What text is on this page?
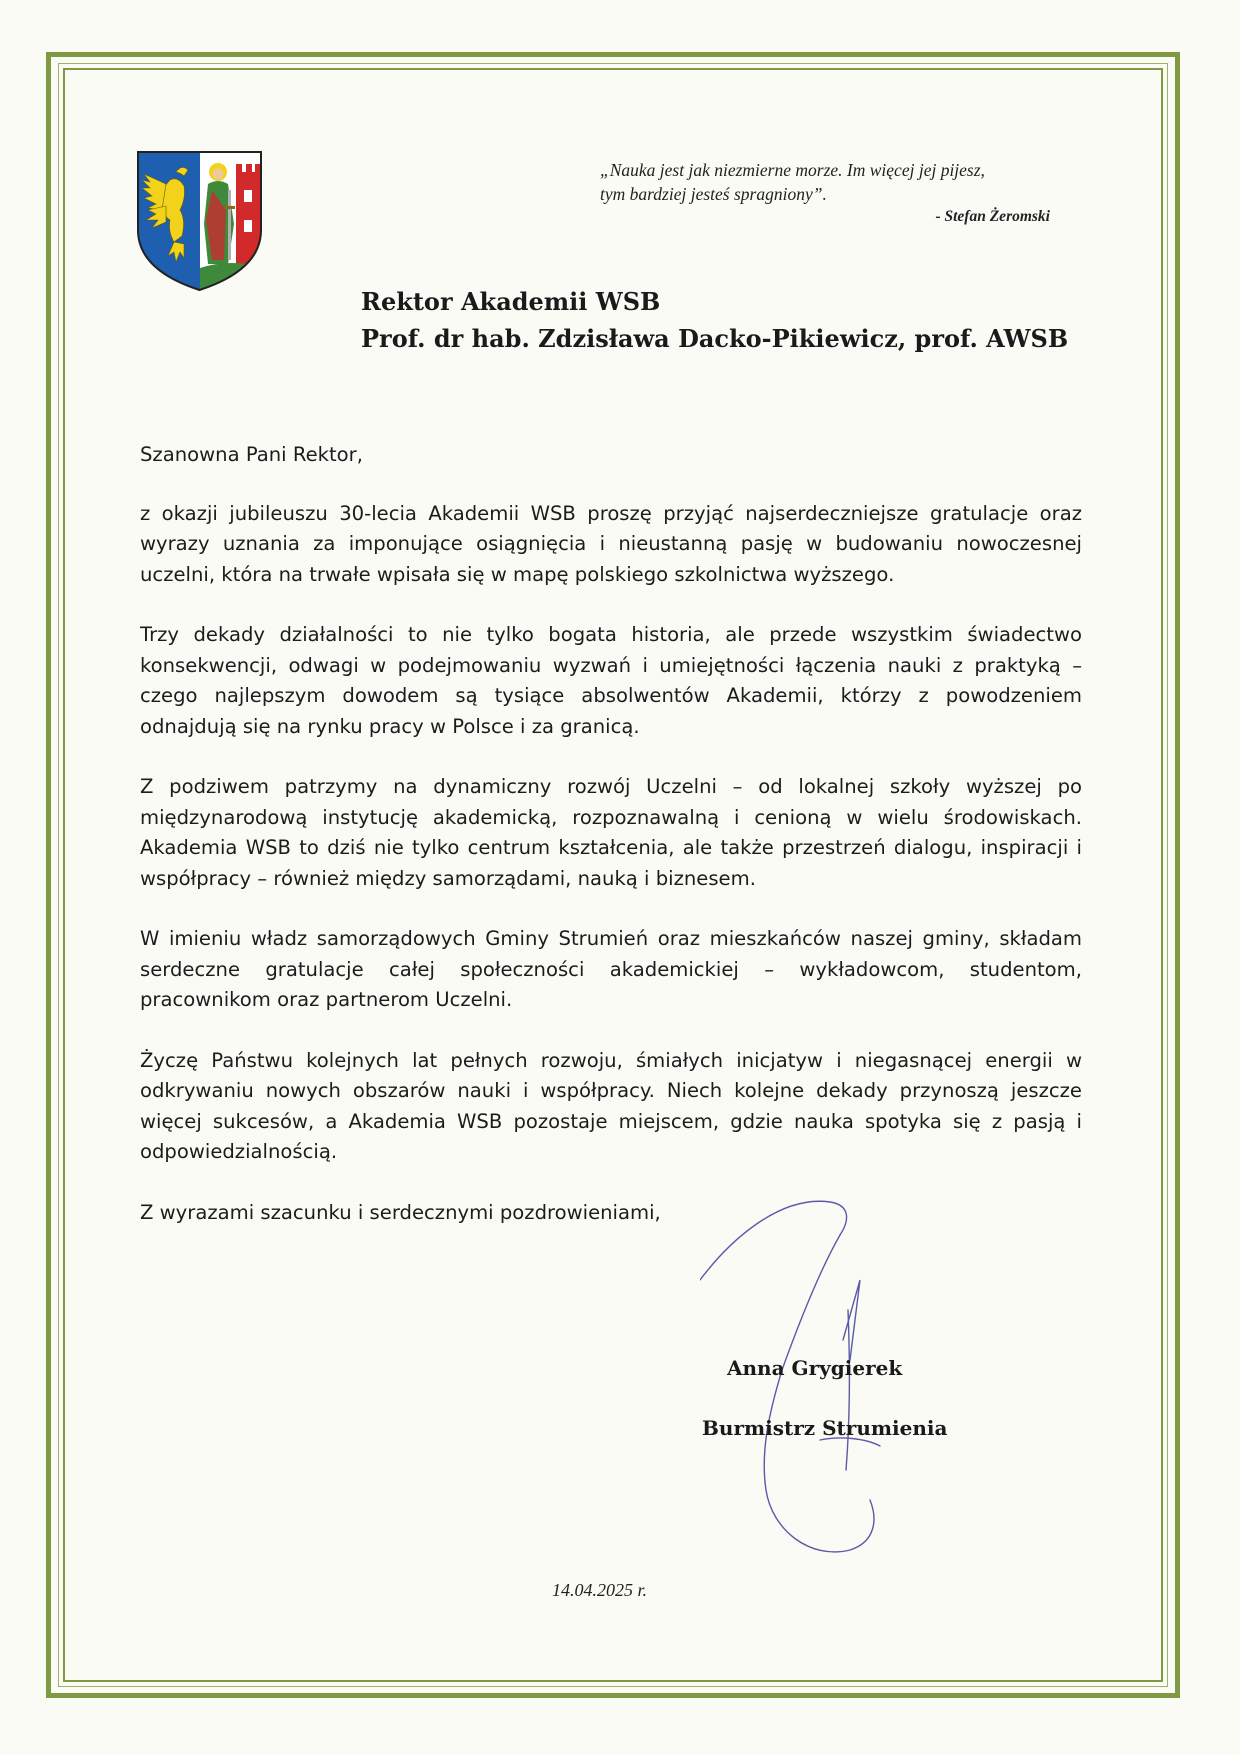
„Nauka jest jak niezmierne morze. Im więcej jej pijesz,
tym bardziej jesteś spragniony”.
- Stefan Żeromski
Rektor Akademii WSB
Prof. dr hab. Zdzisława Dacko-Pikiewicz, prof. AWSB

Szanowna Pani Rektor,

z okazji jubileuszu 30-lecia Akademii WSB proszę przyjąć najserdeczniejsze gratulacje oraz wyrazy uznania za imponujące osiągnięcia i nieustanną pasję w budowaniu nowoczesnej uczelni, która na trwałe wpisała się w mapę polskiego szkolnictwa wyższego.

Trzy dekady działalności to nie tylko bogata historia, ale przede wszystkim świadectwo konsekwencji, odwagi w podejmowaniu wyzwań i umiejętności łączenia nauki z praktyką – czego najlepszym dowodem są tysiące absolwentów Akademii, którzy z powodzeniem odnajdują się na rynku pracy w Polsce i za granicą.

Z podziwem patrzymy na dynamiczny rozwój Uczelni – od lokalnej szkoły wyższej po międzynarodową instytucję akademicką, rozpoznawalną i cenioną w wielu środowiskach. Akademia WSB to dziś nie tylko centrum kształcenia, ale także przestrzeń dialogu, inspiracji i współpracy – również między samorządami, nauką i biznesem.

W imieniu władz samorządowych Gminy Strumień oraz mieszkańców naszej gminy, składam serdeczne gratulacje całej społeczności akademickiej – wykładowcom, studentom, pracownikom oraz partnerom Uczelni.

Życzę Państwu kolejnych lat pełnych rozwoju, śmiałych inicjatyw i niegasnącej energii w odkrywaniu nowych obszarów nauki i współpracy. Niech kolejne dekady przynoszą jeszcze więcej sukcesów, a Akademia WSB pozostaje miejscem, gdzie nauka spotyka się z pasją i odpowiedzialnością.

Z wyrazami szacunku i serdecznymi pozdrowieniami,

Anna Grygierek
Burmistrz Strumienia
14.04.2025 r.
